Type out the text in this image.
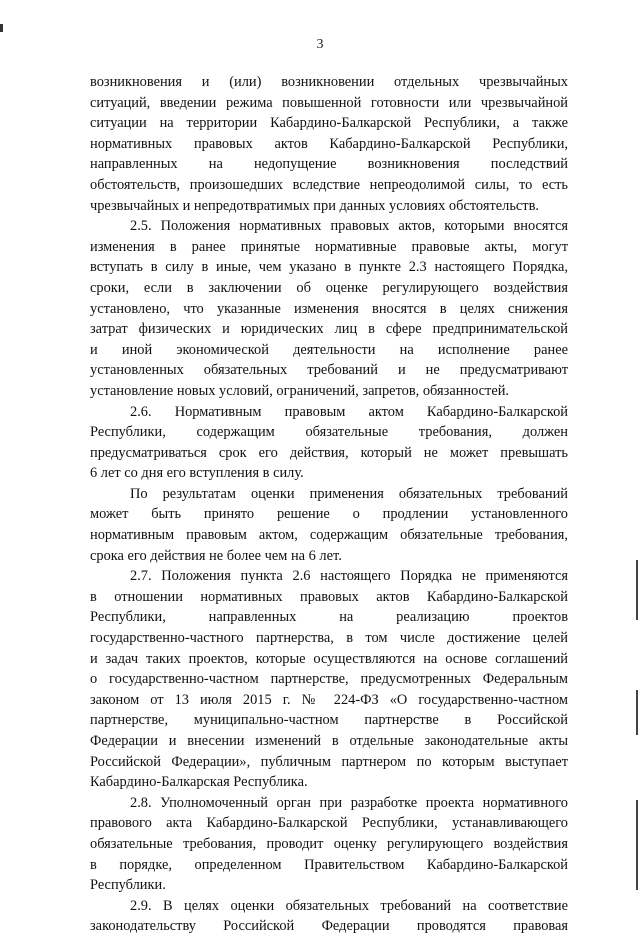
3
возникновения и (или) возникновении отдельных чрезвычайных
ситуаций, введении режима повышенной готовности или чрезвычайной
ситуации на территории Кабардино-Балкарской Республики, а также
нормативных правовых актов Кабардино-Балкарской Республики,
направленных на недопущение возникновения последствий
обстоятельств, произошедших вследствие непреодолимой силы, то есть
чрезвычайных и непредотвратимых при данных условиях обстоятельств.
2.5. Положения нормативных правовых актов, которыми вносятся
изменения в ранее принятые нормативные правовые акты, могут
вступать в силу в иные, чем указано в пункте 2.3 настоящего Порядка,
сроки, если в заключении об оценке регулирующего воздействия
установлено, что указанные изменения вносятся в целях снижения
затрат физических и юридических лиц в сфере предпринимательской
и иной экономической деятельности на исполнение ранее
установленных обязательных требований и не предусматривают
установление новых условий, ограничений, запретов, обязанностей.
2.6. Нормативным правовым актом Кабардино-Балкарской
Республики, содержащим обязательные требования, должен
предусматриваться срок его действия, который не может превышать
6 лет со дня его вступления в силу.
По результатам оценки применения обязательных требований
может быть принято решение о продлении установленного
нормативным правовым актом, содержащим обязательные требования,
срока его действия не более чем на 6 лет.
2.7. Положения пункта 2.6 настоящего Порядка не применяются
в отношении нормативных правовых актов Кабардино-Балкарской
Республики, направленных на реализацию проектов
государственно-частного партнерства, в том числе достижение целей
и задач таких проектов, которые осуществляются на основе соглашений
о государственно-частном партнерстве, предусмотренных Федеральным
законом от 13 июля 2015 г. № 224-ФЗ «О государственно-частном
партнерстве, муниципально-частном партнерстве в Российской
Федерации и внесении изменений в отдельные законодательные акты
Российской Федерации», публичным партнером по которым выступает
Кабардино-Балкарская Республика.
2.8. Уполномоченный орган при разработке проекта нормативного
правового акта Кабардино-Балкарской Республики, устанавливающего
обязательные требования, проводит оценку регулирующего воздействия
в порядке, определенном Правительством Кабардино-Балкарской
Республики.
2.9. В целях оценки обязательных требований на соответствие
законодательству Российской Федерации проводятся правовая
